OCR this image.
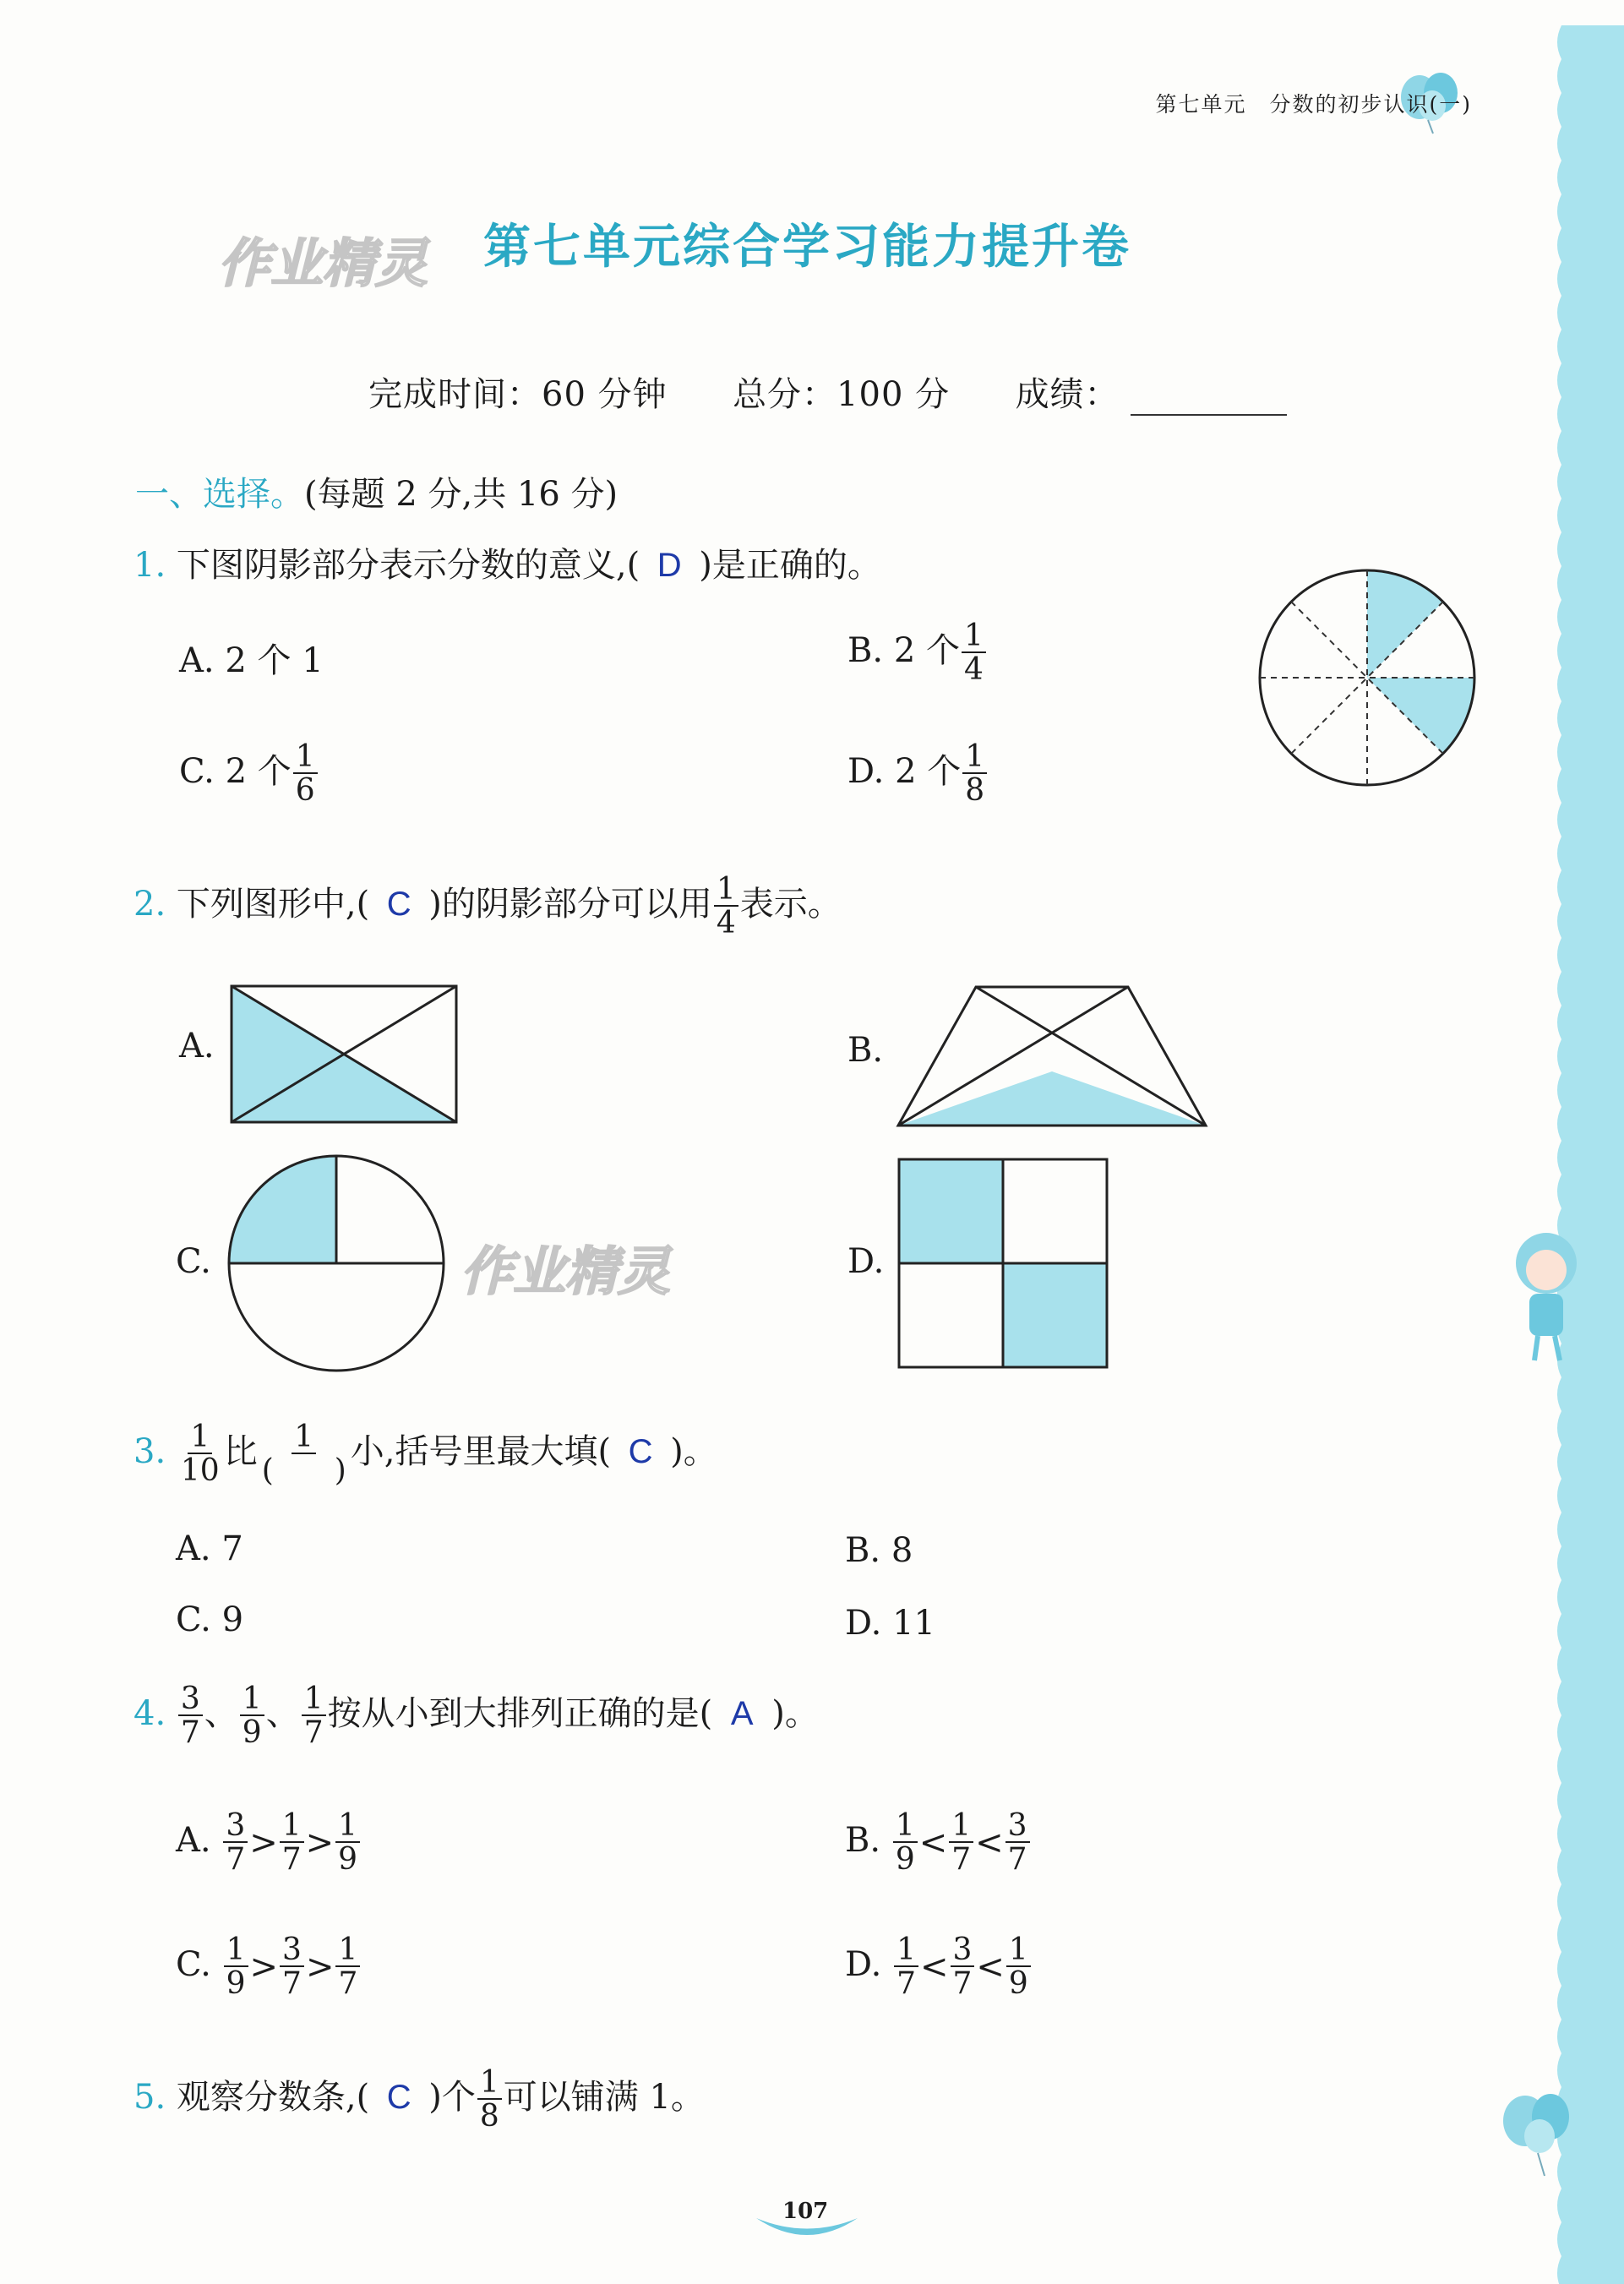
第七单元　分数的初步认识(一)
作业精灵 第七单元综合学习能力提升卷
完成时间：60 分钟 总分：100 分 成绩：
一、选择。(每题 2 分,共 16 分)
1. 下图阴影部分表示分数的意义,( D )是正确的。
A. 2 个 1	B. 2 个 $\frac{1}{4}$
C. 2 个 $\frac{1}{6}$	D. 2 个 $\frac{1}{8}$
2. 下列图形中,( C )的阴影部分可以用 $\frac{1}{4}$ 表示。
A.	B.
C.	作业精灵	D.
3. $\frac{1}{10}$ 比 $\frac{1}{( )}$ 小,括号里最大填( C )。
A. 7	B. 8
C. 9	D. 11
4. $\frac{3}{7}$ 、 $\frac{1}{9}$ 、 $\frac{1}{7}$ 按从小到大排列正确的是( A )。
A. $\frac{3}{7} > \frac{1}{7} > \frac{1}{9}$	B. $\frac{1}{9} < \frac{1}{7} < \frac{3}{7}$
C. $\frac{1}{9} > \frac{3}{7} > \frac{1}{7}$	D. $\frac{1}{7} < \frac{3}{7} < \frac{1}{9}$
5. 观察分数条,( C )个 $\frac{1}{8}$ 可以铺满 1。
107
